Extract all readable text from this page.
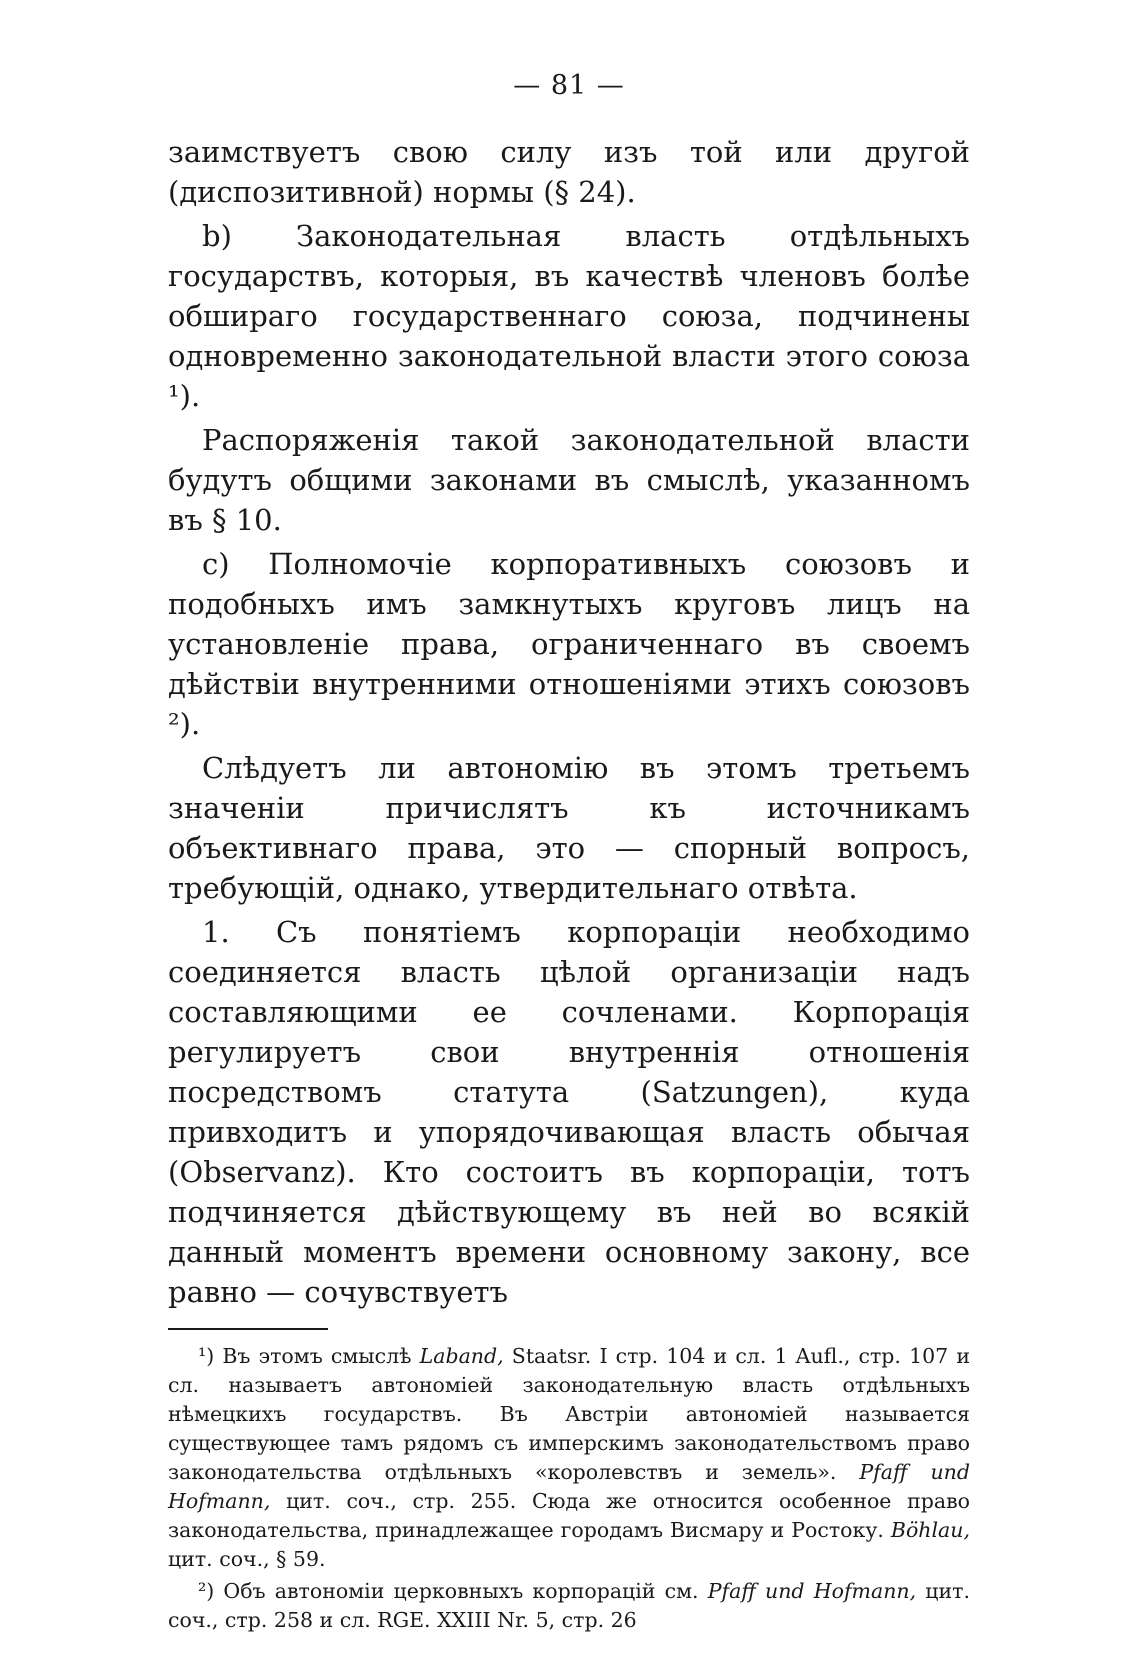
— 81 —

заимствуетъ свою силу изъ той или другой (диспозитивной) нормы (§ 24).

b) Законодательная власть отдѣльныхъ государствъ, которыя, въ качествѣ членовъ болѣе обширaго государственнаго союза, подчинены одновременно законодательной власти этого союза ¹).

Распоряженія такой законодательной власти будутъ общими законами въ смыслѣ, указанномъ въ § 10.

c) Полномочіе корпоративныхъ союзовъ и подобныхъ имъ замкнутыхъ круговъ лицъ на установленіе права, ограниченнаго въ своемъ дѣйствіи внутренними отношеніями этихъ союзовъ ²).

Слѣдуетъ ли автономію въ этомъ третьемъ значеніи причислятъ къ источникамъ объективнаго права, это — спорный вопросъ, требующій, однако, утвердительнаго отвѣта.

1. Съ понятіемъ корпораціи необходимо соединяется власть цѣлой организаціи надъ составляющими ее сочленами. Корпорація регулируетъ свои внутреннія отношенія посредствомъ статута (Satzungen), куда привходитъ и упорядочивающая власть обычая (Observanz). Кто состоитъ въ корпораціи, тотъ подчиняется дѣйствующему въ ней во всякій данный моментъ времени основному закону, все равно — сочувствуетъ

¹) Въ этомъ смыслѣ Laband, Staatsr. I стр. 104 и сл. 1 Aufl., стр. 107 и сл. называетъ автономіей законодательную власть отдѣльныхъ нѣмецкихъ государствъ. Въ Австріи автономіей называется существующее тамъ рядомъ съ имперскимъ законодательствомъ право законодательства отдѣльныхъ «королевствъ и земель». Pfaff und Hofmann, цит. соч., стр. 255. Сюда же относится особенное право законодательства, принадлежащее городамъ Висмару и Ростоку. Böhlau, цит. соч., § 59.

²) Объ автономіи церковныхъ корпорацій см. Pfaff und Hofmann, цит. соч., стр. 258 и сл. RGE. XXIII Nr. 5, стр. 26
